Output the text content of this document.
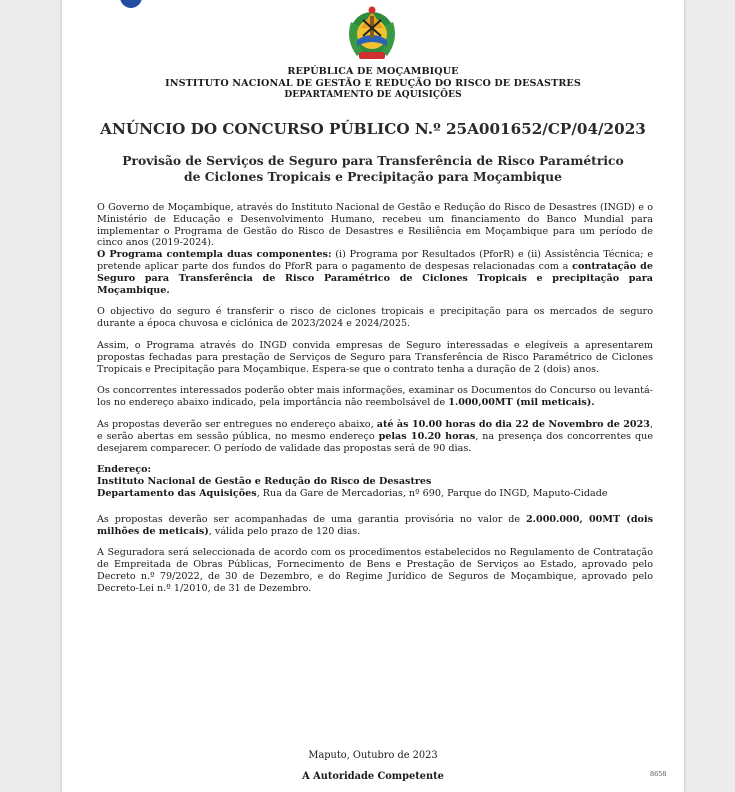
REPÚBLICA DE MOÇAMBIQUE
INSTITUTO NACIONAL DE GESTÃO E REDUÇÃO DO RISCO DE DESASTRES
DEPARTAMENTO DE AQUISIÇÕES
ANÚNCIO DO CONCURSO PÚBLICO N.º 25A001652/CP/04/2023
Provisão de Serviços de Seguro para Transferência de Risco Paramétrico
de Ciclones Tropicais e Precipitação para Moçambique

O Governo de Moçambique, através do Instituto Nacional de Gestão e Redução do Risco de Desastres (INGD) e o Ministério de Educação e Desenvolvimento Humano, recebeu um financiamento do Banco Mundial para implementar o Programa de Gestão do Risco de Desastres e Resiliência em Moçambique para um período de cinco anos (2019-2024).

O Programa contempla duas componentes: (i) Programa por Resultados (PforR) e (ii) Assistência Técnica; e pretende aplicar parte dos fundos do PforR para o pagamento de despesas relacionadas com a contratação de Seguro para Transferência de Risco Paramétrico de Ciclones Tropicais e precipitação para Moçambique.

O objectivo do seguro é transferir o risco de ciclones tropicais e precipitação para os mercados de seguro durante a época chuvosa e ciclónica de 2023/2024 e 2024/2025.

Assim, o Programa através do INGD convida empresas de Seguro interessadas e elegíveis a apresentarem propostas fechadas para prestação de Serviços de Seguro para Transferência de Risco Paramétrico de Ciclones Tropicais e Precipitação para Moçambique. Espera-se que o contrato tenha a duração de 2 (dois) anos.

Os concorrentes interessados poderão obter mais informações, examinar os Documentos do Concurso ou levantá-los no endereço abaixo indicado, pela importância não reembolsável de 1.000,00MT (mil meticais).

As propostas deverão ser entregues no endereço abaixo, até às 10.00 horas do dia 22 de Novembro de 2023, e serão abertas em sessão pública, no mesmo endereço pelas 10.20 horas, na presença dos concorrentes que desejarem comparecer. O período de validade das propostas será de 90 dias.

Endereço:
Instituto Nacional de Gestão e Redução do Risco de Desastres
Departamento das Aquisições, Rua da Gare de Mercadorias, nº 690, Parque do INGD, Maputo-Cidade

As propostas deverão ser acompanhadas de uma garantia provisória no valor de 2.000.000, 00MT (dois milhões de meticais), válida pelo prazo de 120 dias.

A Seguradora será seleccionada de acordo com os procedimentos estabelecidos no Regulamento de Contratação de Empreitada de Obras Públicas, Fornecimento de Bens e Prestação de Serviços ao Estado, aprovado pelo Decreto n.º 79/2022, de 30 de Dezembro, e do Regime Jurídico de Seguros de Moçambique, aprovado pelo Decreto-Lei n.º 1/2010, de 31 de Dezembro.

Maputo, Outubro de 2023
A Autoridade Competente	8658
